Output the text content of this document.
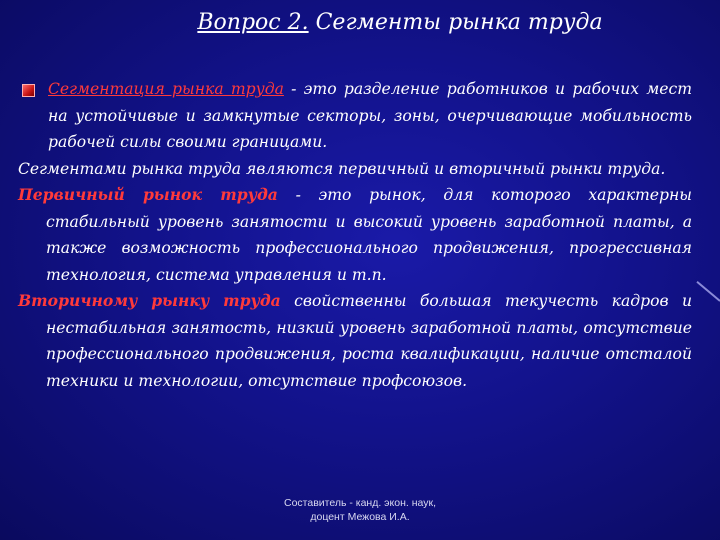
Вопрос 2. Сегменты рынка труда

Сегментация рынка труда - это разделение работников и рабочих мест на устойчивые и замкнутые секторы, зоны, очерчивающие мобильность рабочей силы своими границами.

Сегментами рынка труда являются первичный и вторичный рынки труда.

Первичный рынок труда - это рынок, для которого характерны стабильный уровень занятости и высокий уровень заработной платы, а также возможность профессионального продвижения, прогрессивная технология, система управления и т.п.

Вторичному рынку труда свойственны большая текучесть кадров и нестабильная занятость, низкий уровень заработной платы, отсутствие профессионального продвижения, роста квалификации, наличие отсталой техники и технологии, отсутствие профсоюзов.

Составитель - канд. экон. наук,
доцент Межова И.А.
